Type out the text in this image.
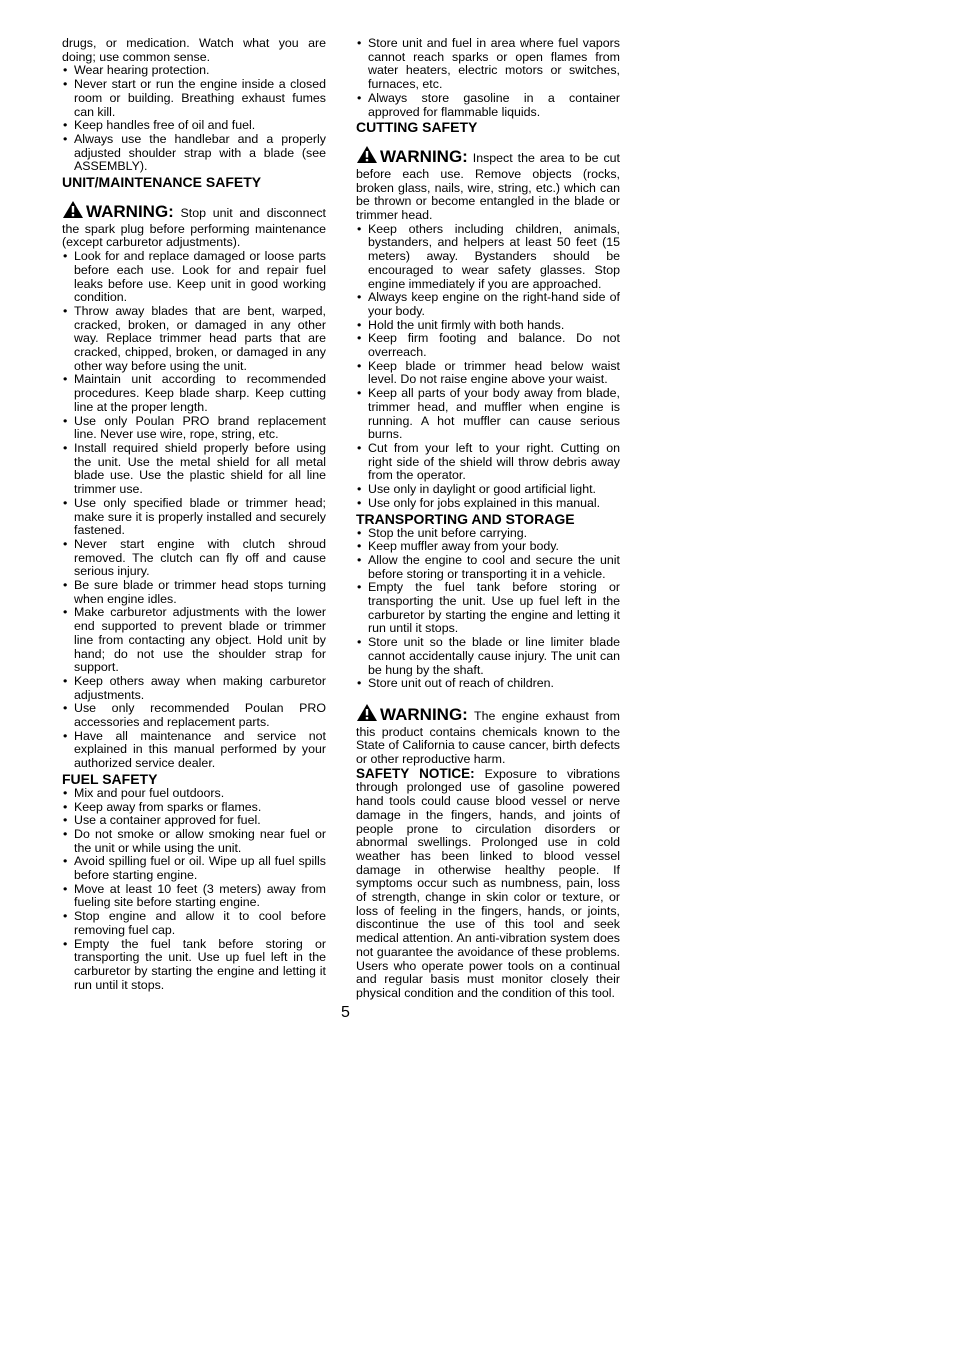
drugs, or medication. Watch what you are doing; use common sense.

• Wear hearing protection.
• Never start or run the engine inside a closed room or building. Breathing exhaust fumes can kill.
• Keep handles free of oil and fuel.
• Always use the handlebar and a properly adjusted shoulder strap with a blade (see ASSEMBLY).
UNIT/MAINTENANCE SAFETY

WARNING: Stop unit and disconnect the spark plug before performing maintenance (except carburetor adjustments).

• Look for and replace damaged or loose parts before each use. Look for and repair fuel leaks before use. Keep unit in good working condition.
• Throw away blades that are bent, warped, cracked, broken, or damaged in any other way. Replace trimmer head parts that are cracked, chipped, broken, or damaged in any other way before using the unit.
• Maintain unit according to recommended procedures. Keep blade sharp. Keep cutting line at the proper length.
• Use only Poulan PRO brand replacement line. Never use wire, rope, string, etc.
• Install required shield properly before using the unit. Use the metal shield for all metal blade use. Use the plastic shield for all line trimmer use.
• Use only specified blade or trimmer head; make sure it is properly installed and securely fastened.
• Never start engine with clutch shroud removed. The clutch can fly off and cause serious injury.
• Be sure blade or trimmer head stops turning when engine idles.
• Make carburetor adjustments with the lower end supported to prevent blade or trimmer line from contacting any object. Hold unit by hand; do not use the shoulder strap for support.
• Keep others away when making carburetor adjustments.
• Use only recommended Poulan PRO accessories and replacement parts.
• Have all maintenance and service not explained in this manual performed by your authorized service dealer.
FUEL SAFETY
• Mix and pour fuel outdoors.
• Keep away from sparks or flames.
• Use a container approved for fuel.
• Do not smoke or allow smoking near fuel or the unit or while using the unit.
• Avoid spilling fuel or oil. Wipe up all fuel spills before starting engine.
• Move at least 10 feet (3 meters) away from fueling site before starting engine.
• Stop engine and allow it to cool before removing fuel cap.
• Empty the fuel tank before storing or transporting the unit. Use up fuel left in the carburetor by starting the engine and letting it run until it stops.
• Store unit and fuel in area where fuel vapors cannot reach sparks or open flames from water heaters, electric motors or switches, furnaces, etc.
• Always store gasoline in a container approved for flammable liquids.
CUTTING SAFETY

WARNING: Inspect the area to be cut before each use. Remove objects (rocks, broken glass, nails, wire, string, etc.) which can be thrown or become entangled in the blade or trimmer head.

• Keep others including children, animals, bystanders, and helpers at least 50 feet (15 meters) away. Bystanders should be encouraged to wear safety glasses. Stop engine immediately if you are approached.
• Always keep engine on the right-hand side of your body.
• Hold the unit firmly with both hands.
• Keep firm footing and balance. Do not overreach.
• Keep blade or trimmer head below waist level. Do not raise engine above your waist.
• Keep all parts of your body away from blade, trimmer head, and muffler when engine is running. A hot muffler can cause serious burns.
• Cut from your left to your right. Cutting on right side of the shield will throw debris away from the operator.
• Use only in daylight or good artificial light.
• Use only for jobs explained in this manual.
TRANSPORTING AND STORAGE
• Stop the unit before carrying.
• Keep muffler away from your body.
• Allow the engine to cool and secure the unit before storing or transporting it in a vehicle.
• Empty the fuel tank before storing or transporting the unit. Use up fuel left in the carburetor by starting the engine and letting it run until it stops.
• Store unit so the blade or line limiter blade cannot accidentally cause injury. The unit can be hung by the shaft.
• Store unit out of reach of children.

WARNING: The engine exhaust from this product contains chemicals known to the State of California to cause cancer, birth defects or other reproductive harm.

SAFETY NOTICE: Exposure to vibrations through prolonged use of gasoline powered hand tools could cause blood vessel or nerve damage in the fingers, hands, and joints of people prone to circulation disorders or abnormal swellings. Prolonged use in cold weather has been linked to blood vessel damage in otherwise healthy people. If symptoms occur such as numbness, pain, loss of strength, change in skin color or texture, or loss of feeling in the fingers, hands, or joints, discontinue the use of this tool and seek medical attention. An anti-vibration system does not guarantee the avoidance of these problems. Users who operate power tools on a continual and regular basis must monitor closely their physical condition and the condition of this tool.

5
